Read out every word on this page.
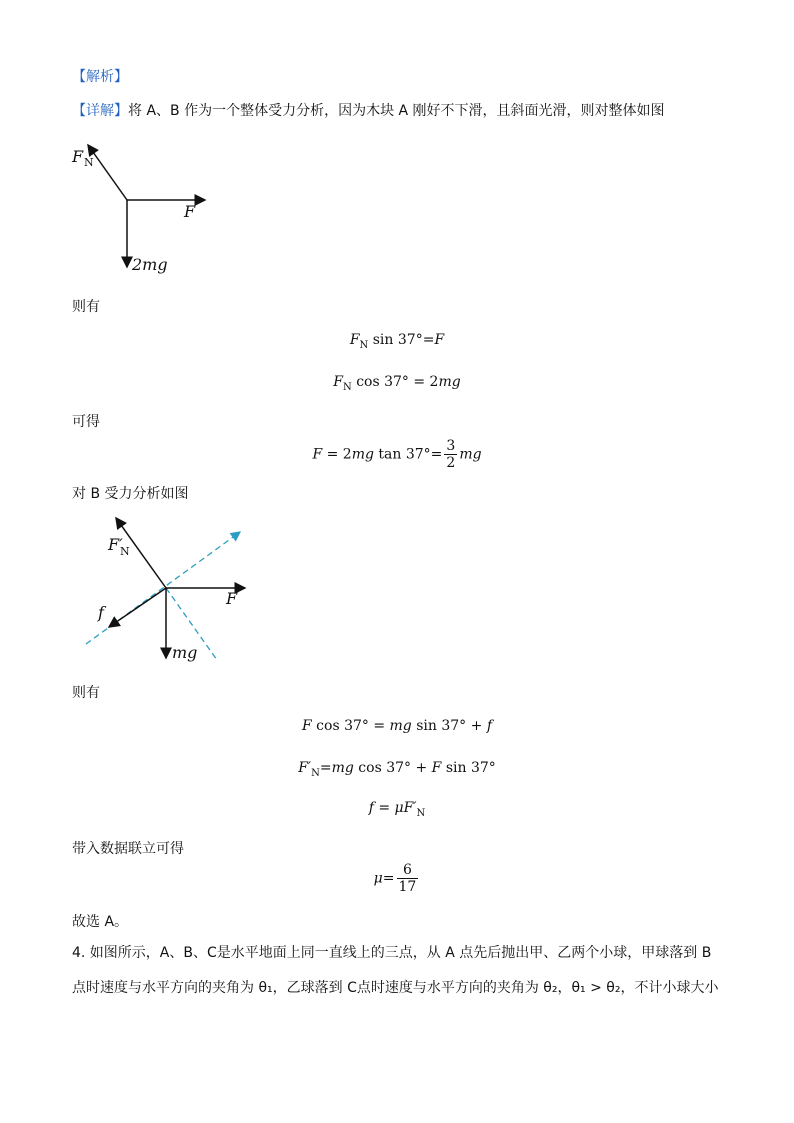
【解析】
【详解】将 A、B 作为一个整体受力分析，因为木块 A 刚好不下滑，且斜面光滑，则对整体如图
F N
F
2mg
则有
$F_N$ sin 37°=F
$F_N$ cos 37° = 2mg
可得
F = 2mg $\tan 37^\circ= \frac{3}{2}$ mg
对 B 受力分析如图
F′
N
F
f
mg
则有
F cos 37° = mg sin 37° + f
$F'_N=mg$ cos 37° + F sin 37°
$f = \mu F'_N$
带入数据联立可得
$\mu= \frac{6}{17}$
故选 A。
4. 如图所示，A、B、C是水平地面上同一直线上的三点，从 A 点先后抛出甲、乙两个小球，甲球落到 B
点时速度与水平方向的夹角为 θ₁，乙球落到 C点时速度与水平方向的夹角为 θ₂，θ₁ > θ₂，不计小球大小
